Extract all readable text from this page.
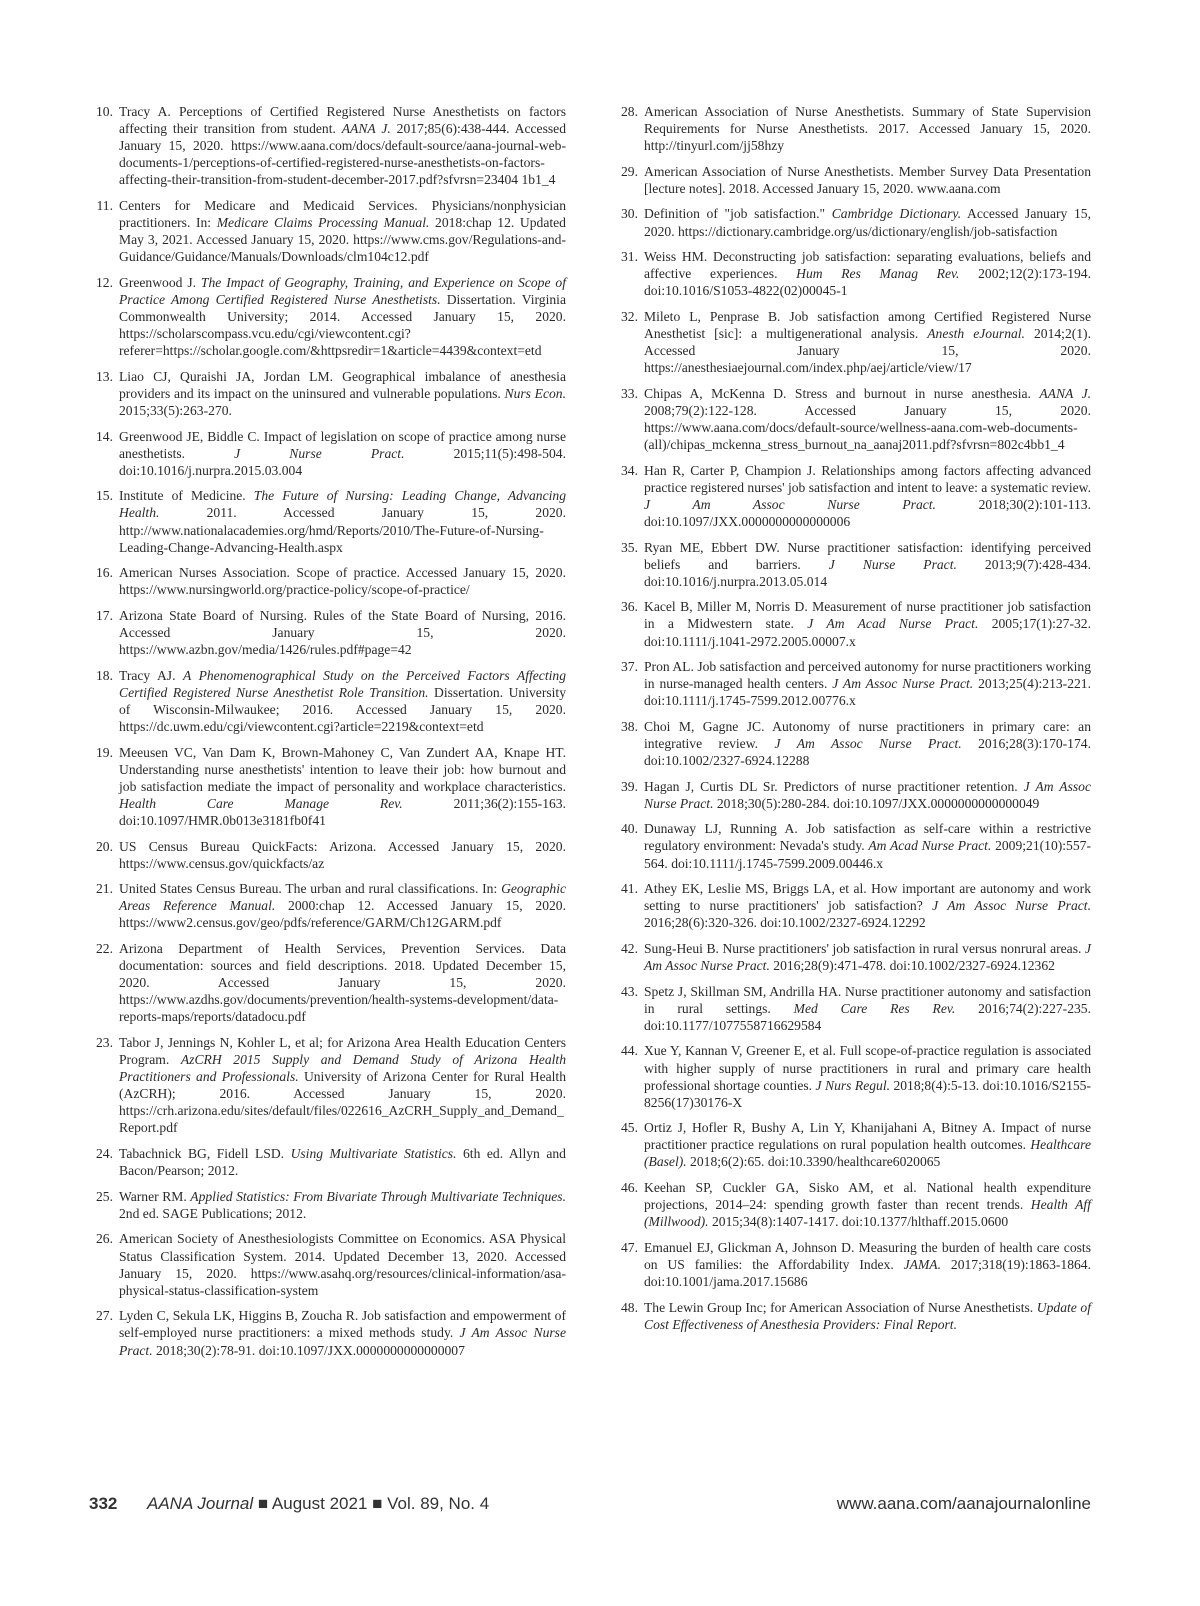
10. Tracy A. Perceptions of Certified Registered Nurse Anesthetists on factors affecting their transition from student. AANA J. 2017;85(6):438-444. Accessed January 15, 2020. https://www.aana.com/docs/default-source/aana-journal-web-documents-1/perceptions-of-certified-registered-nurse-anesthetists-on-factors-affecting-their-transition-from-student-december-2017.pdf?sfvrsn=23404 1b1_4

11. Centers for Medicare and Medicaid Services. Physicians/nonphysician practitioners. In: Medicare Claims Processing Manual. 2018:chap 12. Updated May 3, 2021. Accessed January 15, 2020. https://www.cms.gov/Regulations-and-Guidance/Guidance/Manuals/Downloads/clm104c12.pdf

12. Greenwood J. The Impact of Geography, Training, and Experience on Scope of Practice Among Certified Registered Nurse Anesthetists. Dissertation. Virginia Commonwealth University; 2014. Accessed January 15, 2020. https://scholarscompass.vcu.edu/cgi/viewcontent.cgi?referer=https://scholar.google.com/&httpsredir=1&article=4439&context=etd

13. Liao CJ, Quraishi JA, Jordan LM. Geographical imbalance of anesthesia providers and its impact on the uninsured and vulnerable populations. Nurs Econ. 2015;33(5):263-270.

14. Greenwood JE, Biddle C. Impact of legislation on scope of practice among nurse anesthetists. J Nurse Pract. 2015;11(5):498-504. doi:10.1016/j.nurpra.2015.03.004

15. Institute of Medicine. The Future of Nursing: Leading Change, Advancing Health. 2011. Accessed January 15, 2020. http://www.nationalacademies.org/hmd/Reports/2010/The-Future-of-Nursing-Leading-Change-Advancing-Health.aspx

16. American Nurses Association. Scope of practice. Accessed January 15, 2020. https://www.nursingworld.org/practice-policy/scope-of-practice/

17. Arizona State Board of Nursing. Rules of the State Board of Nursing, 2016. Accessed January 15, 2020. https://www.azbn.gov/media/1426/rules.pdf#page=42

18. Tracy AJ. A Phenomenographical Study on the Perceived Factors Affecting Certified Registered Nurse Anesthetist Role Transition. Dissertation. University of Wisconsin-Milwaukee; 2016. Accessed January 15, 2020. https://dc.uwm.edu/cgi/viewcontent.cgi?article=2219&context=etd

19. Meeusen VC, Van Dam K, Brown-Mahoney C, Van Zundert AA, Knape HT. Understanding nurse anesthetists' intention to leave their job: how burnout and job satisfaction mediate the impact of personality and workplace characteristics. Health Care Manage Rev. 2011;36(2):155-163. doi:10.1097/HMR.0b013e3181fb0f41

20. US Census Bureau QuickFacts: Arizona. Accessed January 15, 2020. https://www.census.gov/quickfacts/az

21. United States Census Bureau. The urban and rural classifications. In: Geographic Areas Reference Manual. 2000:chap 12. Accessed January 15, 2020. https://www2.census.gov/geo/pdfs/reference/GARM/Ch12GARM.pdf

22. Arizona Department of Health Services, Prevention Services. Data documentation: sources and field descriptions. 2018. Updated December 15, 2020. Accessed January 15, 2020. https://www.azdhs.gov/documents/prevention/health-systems-development/data-reports-maps/reports/datadocu.pdf

23. Tabor J, Jennings N, Kohler L, et al; for Arizona Area Health Education Centers Program. AzCRH 2015 Supply and Demand Study of Arizona Health Practitioners and Professionals. University of Arizona Center for Rural Health (AzCRH); 2016. Accessed January 15, 2020. https://crh.arizona.edu/sites/default/files/022616_AzCRH_Supply_and_Demand_Report.pdf

24. Tabachnick BG, Fidell LSD. Using Multivariate Statistics. 6th ed. Allyn and Bacon/Pearson; 2012.

25. Warner RM. Applied Statistics: From Bivariate Through Multivariate Techniques. 2nd ed. SAGE Publications; 2012.

26. American Society of Anesthesiologists Committee on Economics. ASA Physical Status Classification System. 2014. Updated December 13, 2020. Accessed January 15, 2020. https://www.asahq.org/resources/clinical-information/asa-physical-status-classification-system

27. Lyden C, Sekula LK, Higgins B, Zoucha R. Job satisfaction and empowerment of self-employed nurse practitioners: a mixed methods study. J Am Assoc Nurse Pract. 2018;30(2):78-91. doi:10.1097/JXX.0000000000000007

28. American Association of Nurse Anesthetists. Summary of State Supervision Requirements for Nurse Anesthetists. 2017. Accessed January 15, 2020. http://tinyurl.com/jj58hzy

29. American Association of Nurse Anesthetists. Member Survey Data Presentation [lecture notes]. 2018. Accessed January 15, 2020. www.aana.com

30. Definition of "job satisfaction." Cambridge Dictionary. Accessed January 15, 2020. https://dictionary.cambridge.org/us/dictionary/english/job-satisfaction

31. Weiss HM. Deconstructing job satisfaction: separating evaluations, beliefs and affective experiences. Hum Res Manag Rev. 2002;12(2):173-194. doi:10.1016/S1053-4822(02)00045-1

32. Mileto L, Penprase B. Job satisfaction among Certified Registered Nurse Anesthetist [sic]: a multigenerational analysis. Anesth eJournal. 2014;2(1). Accessed January 15, 2020. https://anesthesiaejournal.com/index.php/aej/article/view/17

33. Chipas A, McKenna D. Stress and burnout in nurse anesthesia. AANA J. 2008;79(2):122-128. Accessed January 15, 2020. https://www.aana.com/docs/default-source/wellness-aana.com-web-documents-(all)/chipas_mckenna_stress_burnout_na_aanaj2011.pdf?sfvrsn=802c4bb1_4

34. Han R, Carter P, Champion J. Relationships among factors affecting advanced practice registered nurses' job satisfaction and intent to leave: a systematic review. J Am Assoc Nurse Pract. 2018;30(2):101-113. doi:10.1097/JXX.0000000000000006

35. Ryan ME, Ebbert DW. Nurse practitioner satisfaction: identifying perceived beliefs and barriers. J Nurse Pract. 2013;9(7):428-434. doi:10.1016/j.nurpra.2013.05.014

36. Kacel B, Miller M, Norris D. Measurement of nurse practitioner job satisfaction in a Midwestern state. J Am Acad Nurse Pract. 2005;17(1):27-32. doi:10.1111/j.1041-2972.2005.00007.x

37. Pron AL. Job satisfaction and perceived autonomy for nurse practitioners working in nurse-managed health centers. J Am Assoc Nurse Pract. 2013;25(4):213-221. doi:10.1111/j.1745-7599.2012.00776.x

38. Choi M, Gagne JC. Autonomy of nurse practitioners in primary care: an integrative review. J Am Assoc Nurse Pract. 2016;28(3):170-174. doi:10.1002/2327-6924.12288

39. Hagan J, Curtis DL Sr. Predictors of nurse practitioner retention. J Am Assoc Nurse Pract. 2018;30(5):280-284. doi:10.1097/JXX.0000000000000049

40. Dunaway LJ, Running A. Job satisfaction as self-care within a restrictive regulatory environment: Nevada's study. Am Acad Nurse Pract. 2009;21(10):557-564. doi:10.1111/j.1745-7599.2009.00446.x

41. Athey EK, Leslie MS, Briggs LA, et al. How important are autonomy and work setting to nurse practitioners' job satisfaction? J Am Assoc Nurse Pract. 2016;28(6):320-326. doi:10.1002/2327-6924.12292

42. Sung-Heui B. Nurse practitioners' job satisfaction in rural versus nonrural areas. J Am Assoc Nurse Pract. 2016;28(9):471-478. doi:10.1002/2327-6924.12362

43. Spetz J, Skillman SM, Andrilla HA. Nurse practitioner autonomy and satisfaction in rural settings. Med Care Res Rev. 2016;74(2):227-235. doi:10.1177/1077558716629584

44. Xue Y, Kannan V, Greener E, et al. Full scope-of-practice regulation is associated with higher supply of nurse practitioners in rural and primary care health professional shortage counties. J Nurs Regul. 2018;8(4):5-13. doi:10.1016/S2155-8256(17)30176-X

45. Ortiz J, Hofler R, Bushy A, Lin Y, Khanijahani A, Bitney A. Impact of nurse practitioner practice regulations on rural population health outcomes. Healthcare (Basel). 2018;6(2):65. doi:10.3390/healthcare6020065

46. Keehan SP, Cuckler GA, Sisko AM, et al. National health expenditure projections, 2014–24: spending growth faster than recent trends. Health Aff (Millwood). 2015;34(8):1407-1417. doi:10.1377/hlthaff.2015.0600

47. Emanuel EJ, Glickman A, Johnson D. Measuring the burden of health care costs on US families: the Affordability Index. JAMA. 2017;318(19):1863-1864. doi:10.1001/jama.2017.15686

48. The Lewin Group Inc; for American Association of Nurse Anesthetists. Update of Cost Effectiveness of Anesthesia Providers: Final Report.

332 AANA Journal ■ August 2021 ■ Vol. 89, No. 4	www.aana.com/aanajournalonline
